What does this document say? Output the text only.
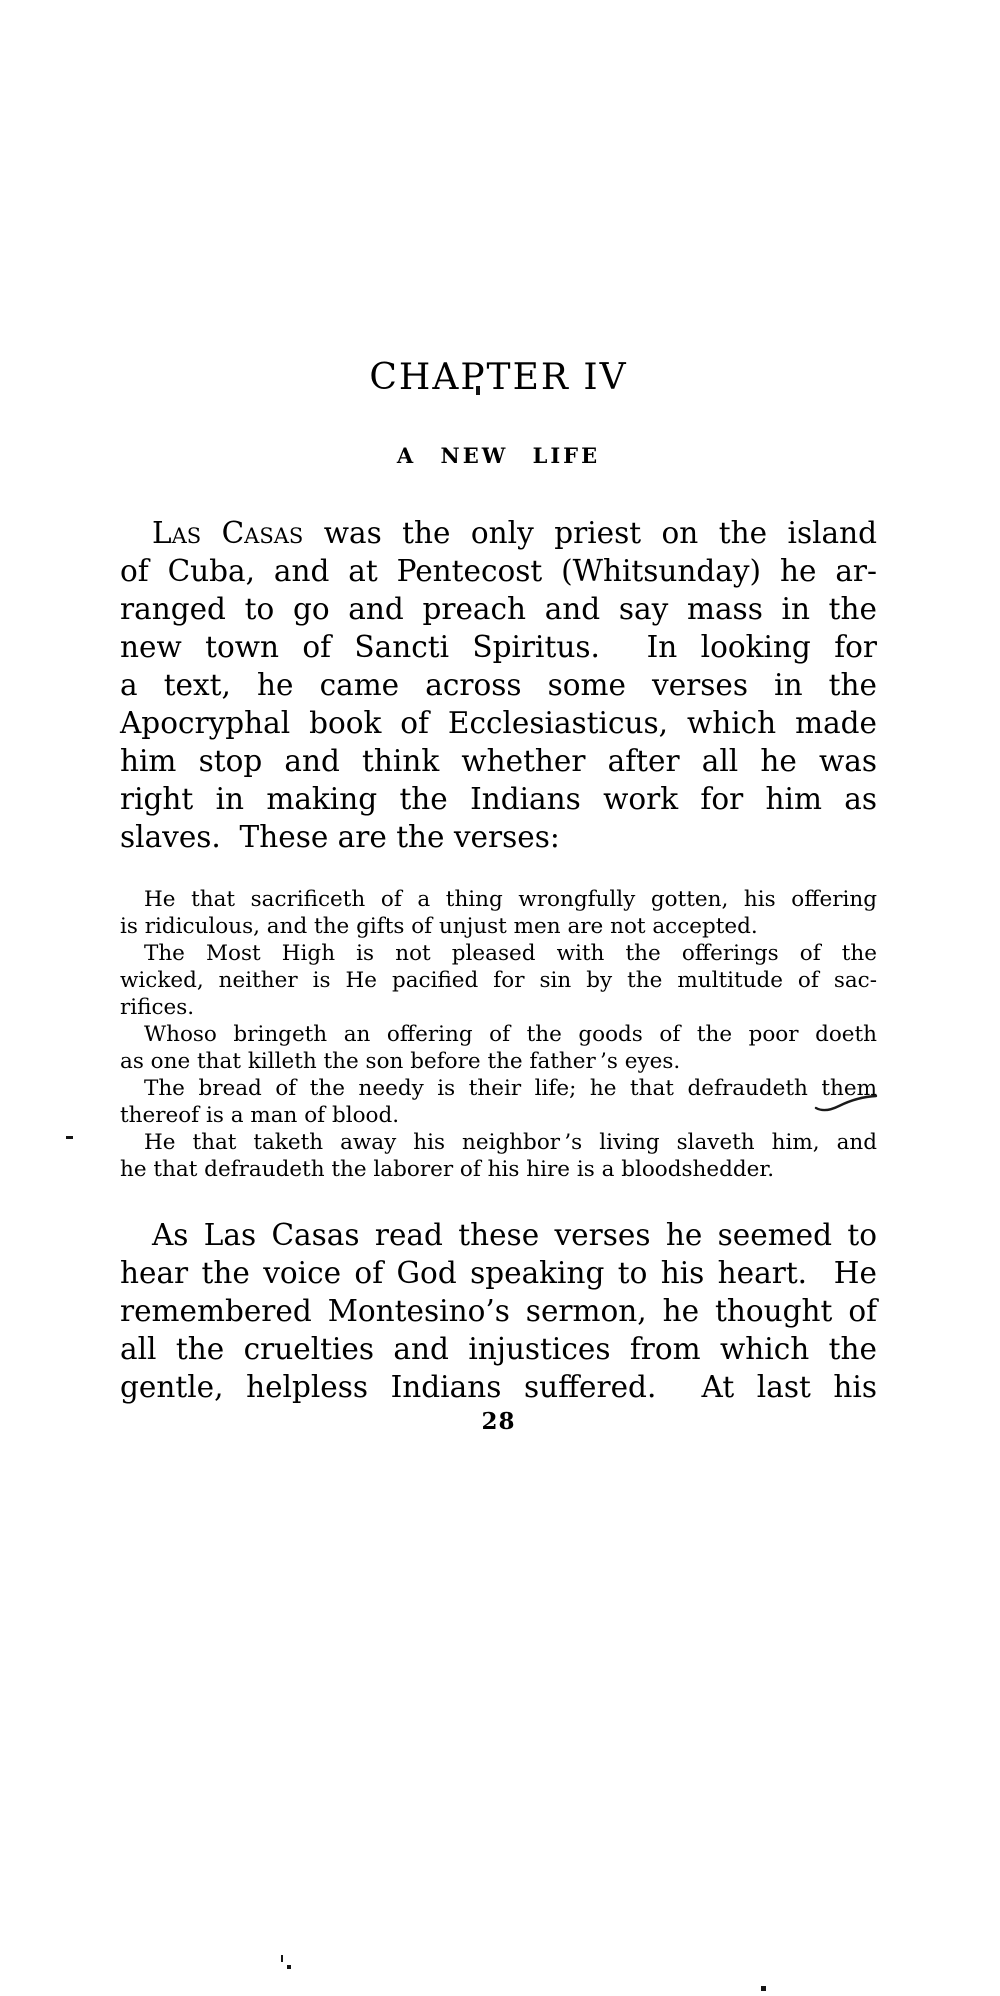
CHAPTER IV
A NEW LIFE
Las Casas was the only priest on the island
of Cuba, and at Pentecost (Whitsunday) he ar-
ranged to go and preach and say mass in the
new town of Sancti Spiritus.  In looking for
a text, he came across some verses in the
Apocryphal book of Ecclesiasticus, which made
him stop and think whether after all he was
right in making the Indians work for him as
slaves.  These are the verses:
He that sacrificeth of a thing wrongfully gotten, his offering
is ridiculous, and the gifts of unjust men are not accepted.
The Most High is not pleased with the offerings of the
wicked, neither is He pacified for sin by the multitude of sac-
rifices.
Whoso bringeth an offering of the goods of the poor doeth
as one that killeth the son before the father ’s eyes.
The bread of the needy is their life; he that defraudeth them
thereof is a man of blood.
He that taketh away his neighbor ’s living slaveth him, and
he that defraudeth the laborer of his hire is a bloodshedder.
As Las Casas read these verses he seemed to
hear the voice of God speaking to his heart.  He
remembered Montesino’s sermon, he thought of
all the cruelties and injustices from which the
gentle, helpless Indians suffered.  At last his
28
